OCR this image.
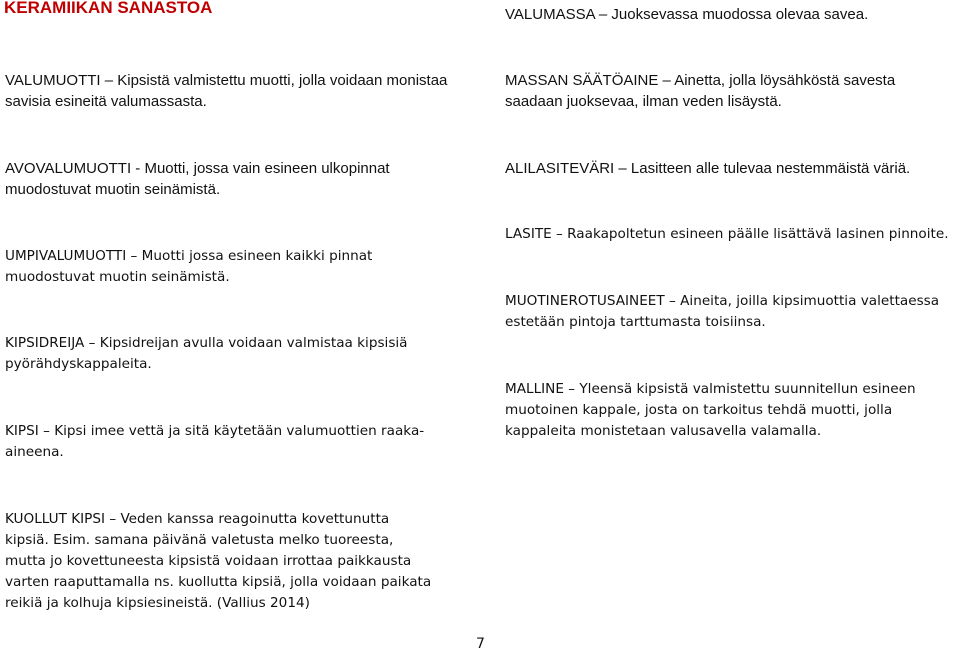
KERAMIIKAN SANASTOA

VALUMUOTTI – Kipsistä valmistettu muotti, jolla voidaan monistaa savisia esineitä valumassasta.

AVOVALUMUOTTI - Muotti, jossa vain esineen ulkopinnat muodostuvat muotin seinämistä.

UMPIVALUMUOTTI – Muotti jossa esineen kaikki pinnat muodostuvat muotin seinämistä.

KIPSIDREIJA – Kipsidreijan avulla voidaan valmistaa kipsisiä pyörähdyskappaleita.

KIPSI – Kipsi imee vettä ja sitä käytetään valumuottien raaka-aineena.

VALUMASSA – Juoksevassa muodossa olevaa savea.

MASSAN SÄÄTÖAINE – Ainetta, jolla löysähköstä savesta saadaan juoksevaa, ilman veden lisäystä.

ALILASITEVÄRI – Lasitteen alle tulevaa nestemmäistä väriä.

LASITE – Raakapoltetun esineen päälle lisättävä lasinen pinnoite.

MUOTINEROTUSAINEET – Aineita, joilla kipsimuottia valettaessa estetään pintoja tarttumasta toisiinsa.

MALLINE – Yleensä kipsistä valmistettu suunnitellun esineen muotoinen kappale, josta on tarkoitus tehdä muotti, jolla kappaleita monistetaan valusavella valamalla.

KUOLLUT KIPSI – Veden kanssa reagoinutta kovettunutta kipsiä. Esim. samana päivänä valetusta melko tuoreesta, mutta jo kovettuneesta kipsistä voidaan irrottaa paikkausta varten raaputtamalla ns. kuollutta kipsiä, jolla voidaan paikata reikiä ja kolhuja kipsiesineistä. (Vallius 2014)

7
